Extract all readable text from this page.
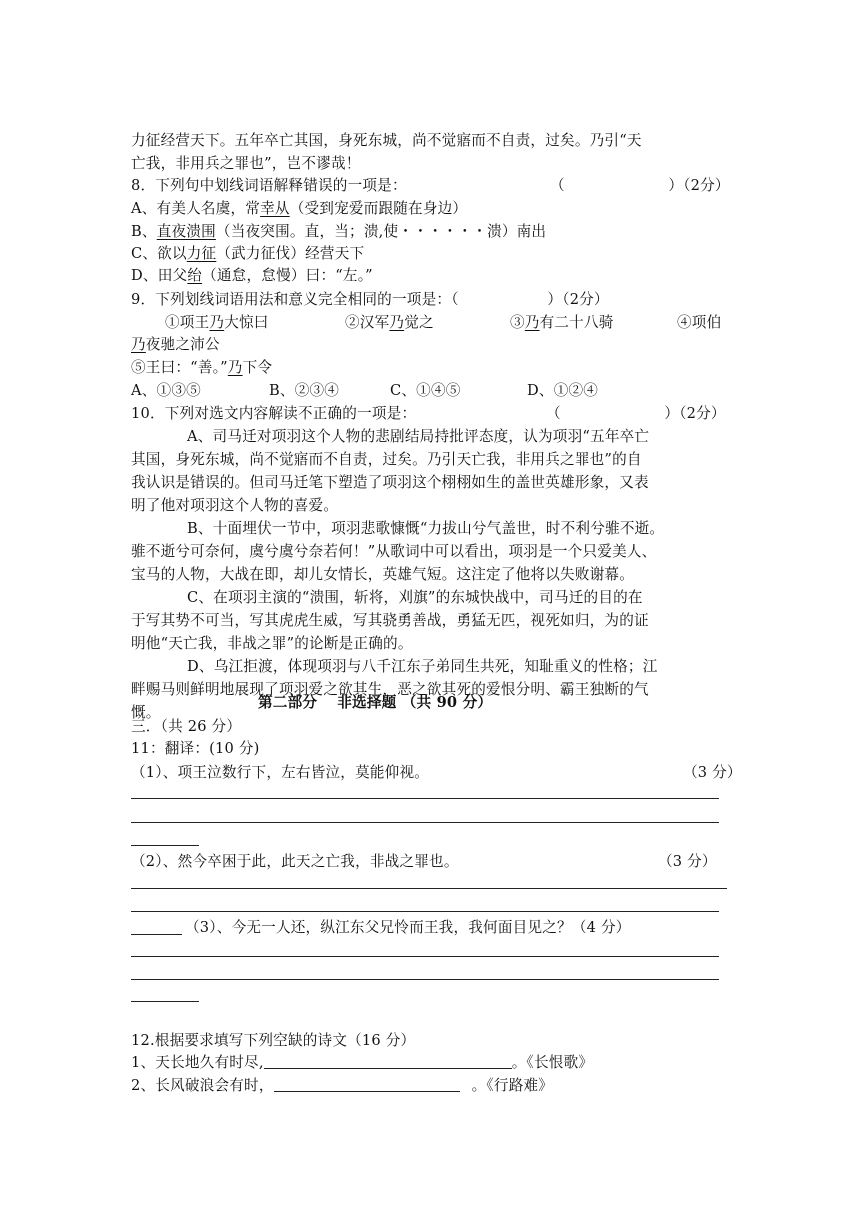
力征经营天下。五年卒亡其国，身死东城，尚不觉寤而不自责，过矣。乃引“天
亡我，非用兵之罪也”，岂不谬哉！
8．下列句中划线词语解释错误的一项是：	（　　　　　　　）（2分）
A、有美人名虞，常幸从（受到宠爱而跟随在身边）
B、直夜溃围（当夜突围。直，当；溃,使・・・・・・溃）南出
C、欲以力征（武力征伐）经营天下
D、田父绐（通怠，怠慢）曰：“左。”
9．下列划线词语用法和意义完全相同的一项是：（　　　　　　）（2分）
①项王乃大惊曰	②汉军乃觉之	③乃有二十八骑	④项伯
乃夜驰之沛公
⑤王曰：“善。”乃下令
A、①③⑤	B、②③④	C、①④⑤	D、①②④
10．下列对选文内容解读不正确的一项是：	（　　　　　　　）（2分）
A、司马迁对项羽这个人物的悲剧结局持批评态度，认为项羽“五年卒亡
其国，身死东城，尚不觉寤而不自责，过矣。乃引天亡我，非用兵之罪也”的自
我认识是错误的。但司马迁笔下塑造了项羽这个栩栩如生的盖世英雄形象，又表
明了他对项羽这个人物的喜爱。
B、十面埋伏一节中，项羽悲歌慷慨“力拔山兮气盖世，时不利兮骓不逝。
骓不逝兮可奈何，虞兮虞兮奈若何！”从歌词中可以看出，项羽是一个只爱美人、
宝马的人物，大战在即，却儿女情长，英雄气短。这注定了他将以失败谢幕。
C、在项羽主演的“溃围，斩将，刈旗”的东城快战中，司马迁的目的在
于写其势不可当，写其虎虎生威，写其骁勇善战，勇猛无匹，视死如归，为的证
明他“天亡我，非战之罪”的论断是正确的。
D、乌江拒渡，体现项羽与八千江东子弟同生共死，知耻重义的性格；江
畔赐马则鲜明地展现了项羽爱之欲其生，恶之欲其死的爱恨分明、霸王独断的气
慨。
第二部分　 非选择题 （共 90 分）
三．（共 26 分）
11：翻译：(10 分)
（1）、项王泣数行下，左右皆泣，莫能仰视。	（3 分）
（2）、然今卒困于此，此天之亡我，非战之罪也。	（3 分）
（3）、今无一人还，纵江东父兄怜而王我，我何面目见之？（4 分）
12.根据要求填写下列空缺的诗文（16 分）
1、天长地久有时尽,	。《长恨歌》
2、长风破浪会有时，	。《行路难》
